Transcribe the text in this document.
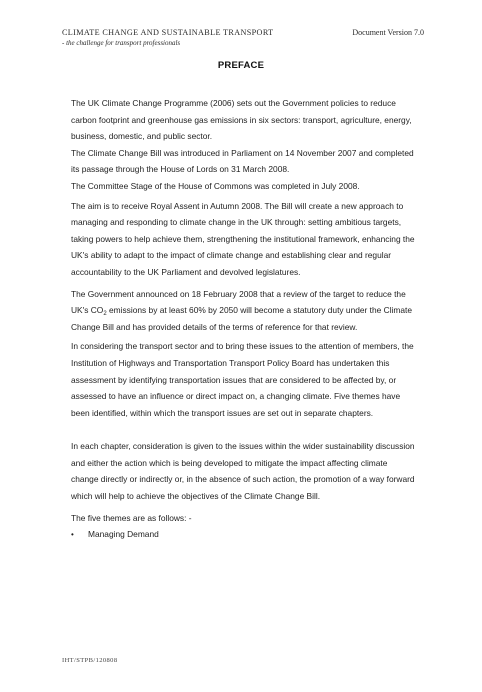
CLIMATE CHANGE AND SUSTAINABLE TRANSPORT
- the challenge for transport professionals
Document Version 7.0
PREFACE

The UK Climate Change Programme (2006) sets out the Government policies to reduce carbon footprint and greenhouse gas emissions in six sectors: transport, agriculture, energy, business, domestic, and public sector.

The Climate Change Bill was introduced in Parliament on 14 November 2007 and completed its passage through the House of Lords on 31 March 2008.

The Committee Stage of the House of Commons was completed in July 2008.

The aim is to receive Royal Assent in Autumn 2008. The Bill will create a new approach to managing and responding to climate change in the UK through: setting ambitious targets, taking powers to help achieve them, strengthening the institutional framework, enhancing the UK's ability to adapt to the impact of climate change and establishing clear and regular accountability to the UK Parliament and devolved legislatures.

The Government announced on 18 February 2008 that a review of the target to reduce the UK's $CO_2$ emissions by at least 60% by 2050 will become a statutory duty under the Climate Change Bill and has provided details of the terms of reference for that review.

In considering the transport sector and to bring these issues to the attention of members, the Institution of Highways and Transportation Transport Policy Board has undertaken this assessment by identifying transportation issues that are considered to be affected by, or assessed to have an influence or direct impact on, a changing climate. Five themes have been identified, within which the transport issues are set out in separate chapters.

In each chapter, consideration is given to the issues within the wider sustainability discussion and either the action which is being developed to mitigate the impact affecting climate change directly or indirectly or, in the absence of such action, the promotion of a way forward which will help to achieve the objectives of the Climate Change Bill.

The five themes are as follows: -

•	Managing Demand
IHT/STPB/120808
